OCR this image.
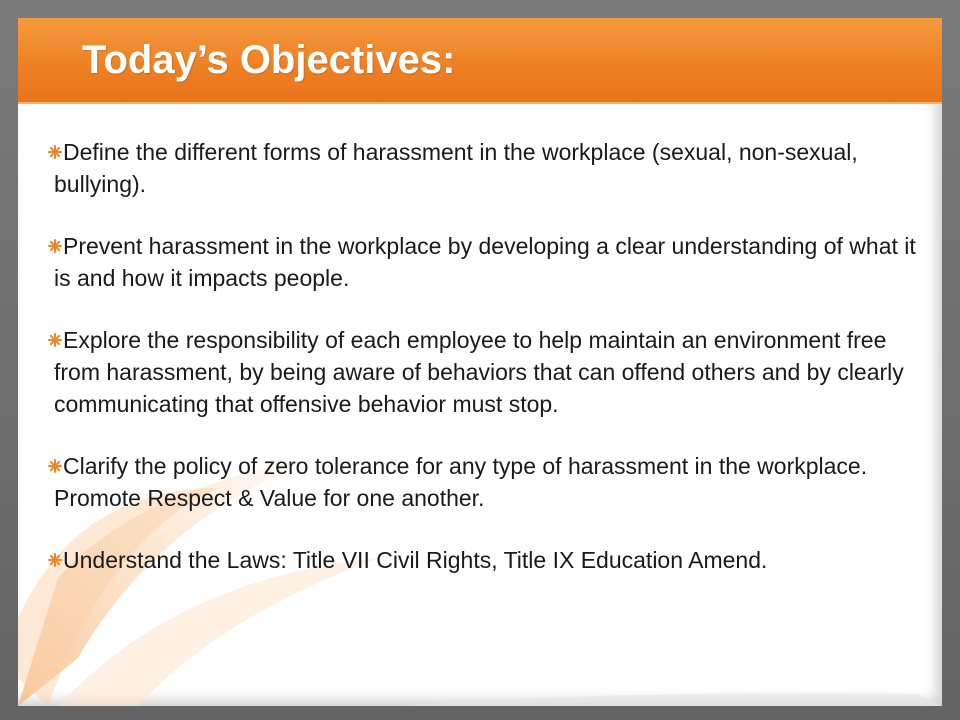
Today’s Objectives:
Define the different forms of harassment in the workplace (sexual, non-sexual, bullying).
Prevent harassment in the workplace by developing a clear understanding of what it is and how it impacts people.
Explore the responsibility of each employee to help maintain an environment free from harassment, by being aware of behaviors that can offend others and by clearly communicating that offensive behavior must stop.
Clarify the policy of zero tolerance for any type of harassment in the workplace. Promote Respect & Value for one another.
Understand the Laws: Title VII Civil Rights, Title IX Education Amend.
